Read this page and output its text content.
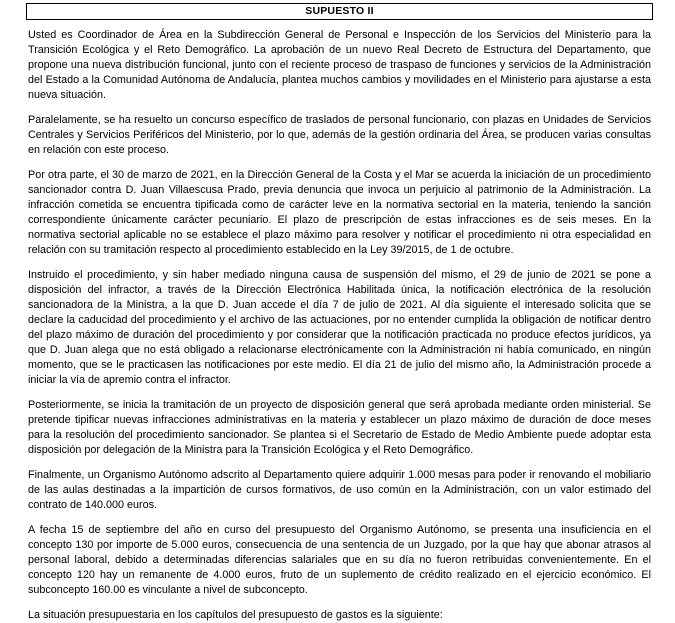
SUPUESTO II

Usted es Coordinador de Área en la Subdirección General de Personal e Inspección de los Servicios del Ministerio para la Transición Ecológica y el Reto Demográfico. La aprobación de un nuevo Real Decreto de Estructura del Departamento, que propone una nueva distribución funcional, junto con el reciente proceso de traspaso de funciones y servicios de la Administración del Estado a la Comunidad Autónoma de Andalucía, plantea muchos cambios y movilidades en el Ministerio para ajustarse a esta nueva situación.

Paralelamente, se ha resuelto un concurso específico de traslados de personal funcionario, con plazas en Unidades de Servicios Centrales y Servicios Periféricos del Ministerio, por lo que, además de la gestión ordinaria del Área, se producen varias consultas en relación con este proceso.

Por otra parte, el 30 de marzo de 2021, en la Dirección General de la Costa y el Mar se acuerda la iniciación de un procedimiento sancionador contra D. Juan Villaescusa Prado, previa denuncia que invoca un perjuicio al patrimonio de la Administración. La infracción cometida se encuentra tipificada como de carácter leve en la normativa sectorial en la materia, teniendo la sanción correspondiente únicamente carácter pecuniario. El plazo de prescripción de estas infracciones es de seis meses. En la normativa sectorial aplicable no se establece el plazo máximo para resolver y notificar el procedimiento ni otra especialidad en relación con su tramitación respecto al procedimiento establecido en la Ley 39/2015, de 1 de octubre.

Instruido el procedimiento, y sin haber mediado ninguna causa de suspensión del mismo, el 29 de junio de 2021 se pone a disposición del infractor, a través de la Dirección Electrónica Habilitada única, la notificación electrónica de la resolución sancionadora de la Ministra, a la que D. Juan accede el día 7 de julio de 2021. Al día siguiente el interesado solicita que se declare la caducidad del procedimiento y el archivo de las actuaciones, por no entender cumplida la obligación de notificar dentro del plazo máximo de duración del procedimiento y por considerar que la notificación practicada no produce efectos jurídicos, ya que D. Juan alega que no está obligado a relacionarse electrónicamente con la Administración ni había comunicado, en ningún momento, que se le practicasen las notificaciones por este medio. El día 21 de julio del mismo año, la Administración procede a iniciar la vía de apremio contra el infractor.

Posteriormente, se inicia la tramitación de un proyecto de disposición general que será aprobada mediante orden ministerial. Se pretende tipificar nuevas infracciones administrativas en la materia y establecer un plazo máximo de duración de doce meses para la resolución del procedimiento sancionador. Se plantea si el Secretario de Estado de Medio Ambiente puede adoptar esta disposición por delegación de la Ministra para la Transición Ecológica y el Reto Demográfico.

Finalmente, un Organismo Autónomo adscrito al Departamento quiere adquirir 1.000 mesas para poder ir renovando el mobiliario de las aulas destinadas a la impartición de cursos formativos, de uso común en la Administración, con un valor estimado del contrato de 140.000 euros.

A fecha 15 de septiembre del año en curso del presupuesto del Organismo Autónomo, se presenta una insuficiencia en el concepto 130 por importe de 5.000 euros, consecuencia de una sentencia de un Juzgado, por la que hay que abonar atrasos al personal laboral, debido a determinadas diferencias salariales que en su día no fueron retribuidas convenientemente. En el concepto 120 hay un remanente de 4.000 euros, fruto de un suplemento de crédito realizado en el ejercicio económico. El subconcepto 160.00 es vinculante a nivel de subconcepto.

La situación presupuestaria en los capítulos del presupuesto de gastos es la siguiente:
